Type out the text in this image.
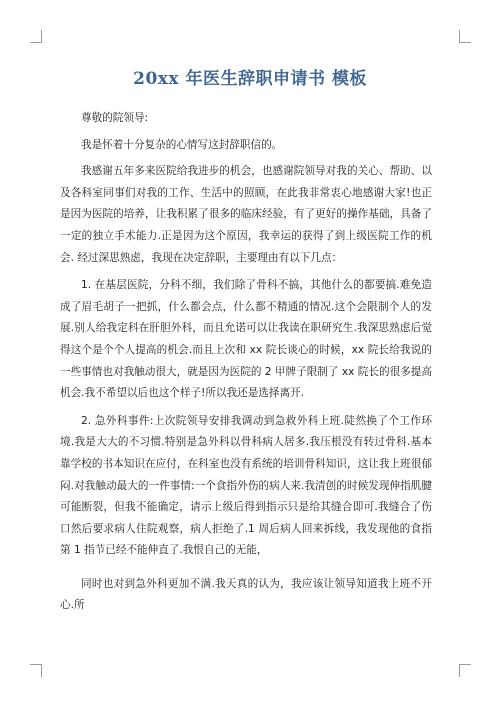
20xx 年医生辞职申请书 模板

尊敬的院领导:

我是怀着十分复杂的心情写这封辞职信的。

我感谢五年多来医院给我进步的机会，也感谢院领导对我的关心、帮助、以及各科室同事们对我的工作、生活中的照顾，在此我非常衷心地感谢大家!也正是因为医院的培养，让我积累了很多的临床经验，有了更好的操作基础，具备了一定的独立手术能力.正是因为这个原因，我幸运的获得了到上级医院工作的机会. 经过深思熟虑，我现在决定辞职，主要理由有以下几点：

1. 在基层医院，分科不细，我们除了骨科不搞，其他什么的都要搞.难免造成了眉毛胡子一把抓，什么都会点，什么都不精通的情况.这个会限制个人的发展.别人给我定科在肝胆外科，而且允诺可以让我读在职研究生.我深思熟虑后觉得这个是个个人提高的机会.而且上次和 xx 院长谈心的时候，xx 院长给我说的一些事情也对我触动很大，就是因为医院的 2 甲牌子限制了 xx 院长的很多提高机会.我不希望以后也这个样子!所以我还是选择离开.

2. 急外科事件:上次院领导安排我调动到急救外科上班.陡然换了个工作环境.我是大大的不习惯.特别是急外科以骨科病人居多.我压根没有转过骨科.基本靠学校的书本知识在应付，在科室也没有系统的培训骨科知识，这让我上班很郁闷.对我触动最大的一件事情:一个食指外伤的病人来.我清创的时候发现伸指肌腱可能断裂，但我不能确定，请示上级后得到指示只是给其缝合即可.我缝合了伤口然后要求病人住院观察，病人拒绝了.1 周后病人回来拆线，我发现他的食指第 1 指节已经不能伸直了.我恨自己的无能，

同时也对到急外科更加不满.我天真的认为，我应该让领导知道我上班不开心.所
